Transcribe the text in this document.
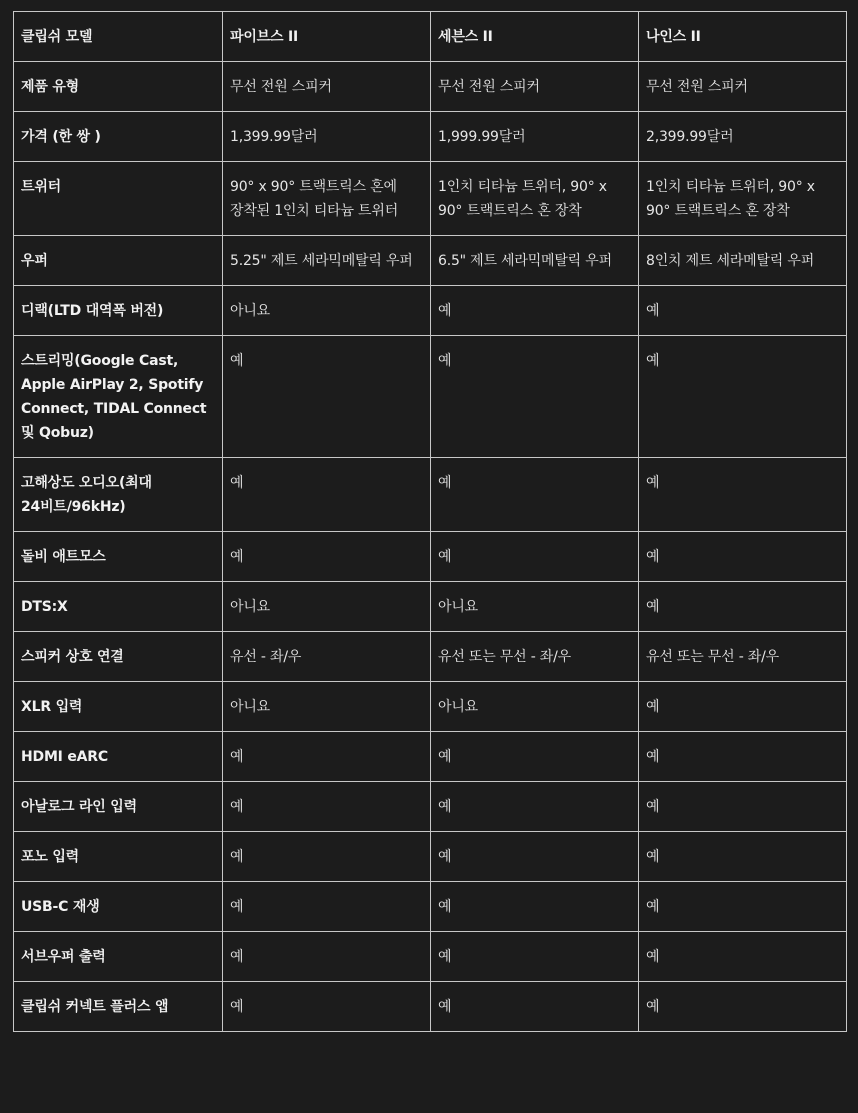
클립쉬 모델	파이브스 II	세븐스 II	나인스 II
제품 유형	무선 전원 스피커	무선 전원 스피커	무선 전원 스피커
가격 (한 쌍 )	1,399.99달러	1,999.99달러	2,399.99달러
트위터	90° x 90° 트랙트릭스 혼에 장착된 1인치 티타늄 트위터	1인치 티타늄 트위터, 90° x 90° 트랙트릭스 혼 장착	1인치 티타늄 트위터, 90° x 90° 트랙트릭스 혼 장착
우퍼	5.25" 제트 세라믹메탈릭 우퍼	6.5" 제트 세라믹메탈릭 우퍼	8인치 제트 세라메탈릭 우퍼
디랙(LTD 대역폭 버전)	아니요	예	예
스트리밍(Google Cast, Apple AirPlay 2, Spotify Connect, TIDAL Connect 및 Qobuz)	예	예	예
고해상도 오디오(최대 24비트/96kHz)	예	예	예
돌비 애트모스	예	예	예
DTS:X	아니요	아니요	예
스피커 상호 연결	유선 - 좌/우	유선 또는 무선 - 좌/우	유선 또는 무선 - 좌/우
XLR 입력	아니요	아니요	예
HDMI eARC	예	예	예
아날로그 라인 입력	예	예	예
포노 입력	예	예	예
USB-C 재생	예	예	예
서브우퍼 출력	예	예	예
클립쉬 커넥트 플러스 앱	예	예	예
